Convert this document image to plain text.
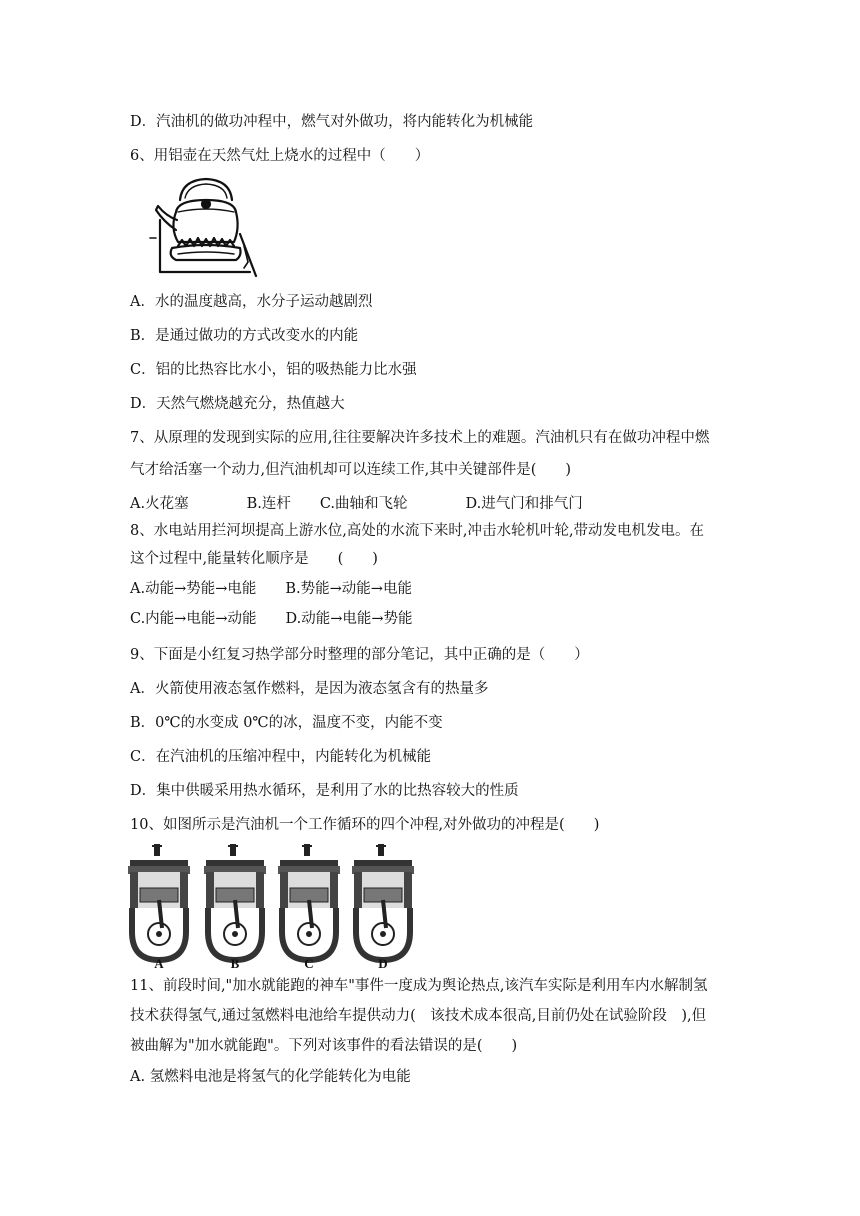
D．汽油机的做功冲程中，燃气对外做功，将内能转化为机械能
6、用铝壶在天然气灶上烧水的过程中（　　）
A．水的温度越高，水分子运动越剧烈
B．是通过做功的方式改变水的内能
C．铝的比热容比水小，铝的吸热能力比水强
D．天然气燃烧越充分，热值越大
7、从原理的发现到实际的应用,往往要解决许多技术上的难题。汽油机只有在做功冲程中燃
气才给活塞一个动力,但汽油机却可以连续工作,其中关键部件是(　　)
A.火花塞　　　　B.连杆　　C.曲轴和飞轮　　　　D.进气门和排气门
8、水电站用拦河坝提高上游水位,高处的水流下来时,冲击水轮机叶轮,带动发电机发电。在
这个过程中,能量转化顺序是　　(　　)
A.动能→势能→电能　　B.势能→动能→电能
C.内能→电能→动能　　D.动能→电能→势能
9、下面是小红复习热学部分时整理的部分笔记，其中正确的是（　　）
A．火箭使用液态氢作燃料，是因为液态氢含有的热量多
B．0℃的水变成 0℃的冰，温度不变，内能不变
C．在汽油机的压缩冲程中，内能转化为机械能
D．集中供暖采用热水循环，是利用了水的比热容较大的性质
10、如图所示是汽油机一个工作循环的四个冲程,对外做功的冲程是(　　)
A	B	C	D
11、前段时间,"加水就能跑的神车"事件一度成为舆论热点,该汽车实际是利用车内水解制氢
技术获得氢气,通过氢燃料电池给车提供动力(　该技术成本很高,目前仍处在试验阶段　),但
被曲解为"加水就能跑"。下列对该事件的看法错误的是(　　)
A. 氢燃料电池是将氢气的化学能转化为电能
